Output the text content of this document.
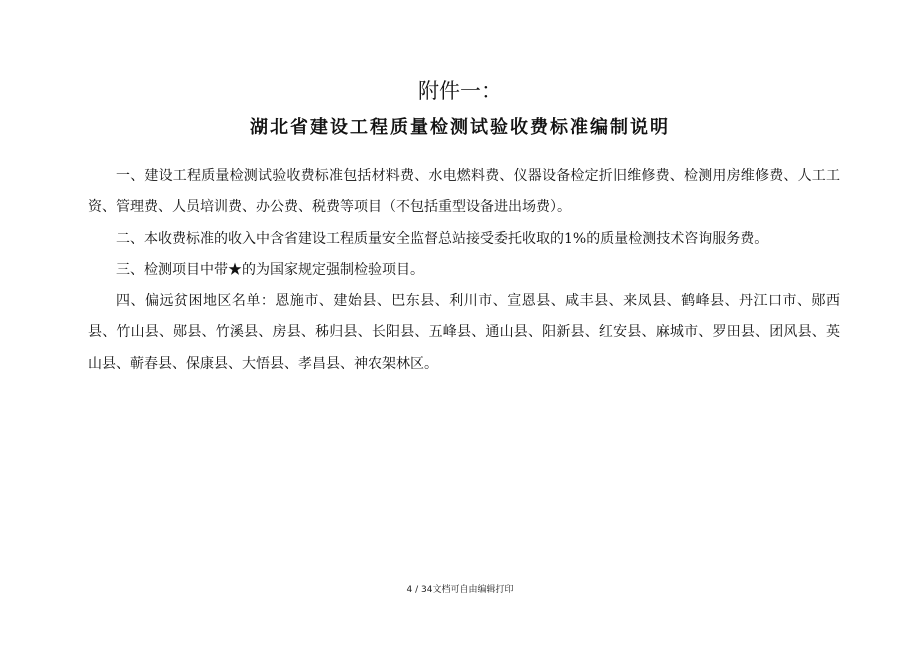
附件一：
湖北省建设工程质量检测试验收费标准编制说明

一、建设工程质量检测试验收费标准包括材料费、水电燃料费、仪器设备检定折旧维修费、检测用房维修费、人工工资、管理费、人员培训费、办公费、税费等项目（不包括重型设备进出场费）。

二、本收费标准的收入中含省建设工程质量安全监督总站接受委托收取的1%的质量检测技术咨询服务费。

三、检测项目中带★的为国家规定强制检验项目。

四、偏远贫困地区名单：恩施市、建始县、巴东县、利川市、宣恩县、咸丰县、来凤县、鹤峰县、丹江口市、郧西县、竹山县、郧县、竹溪县、房县、秭归县、长阳县、五峰县、通山县、阳新县、红安县、麻城市、罗田县、团风县、英山县、蕲春县、保康县、大悟县、孝昌县、神农架林区。

4 / 34文档可自由编辑打印
